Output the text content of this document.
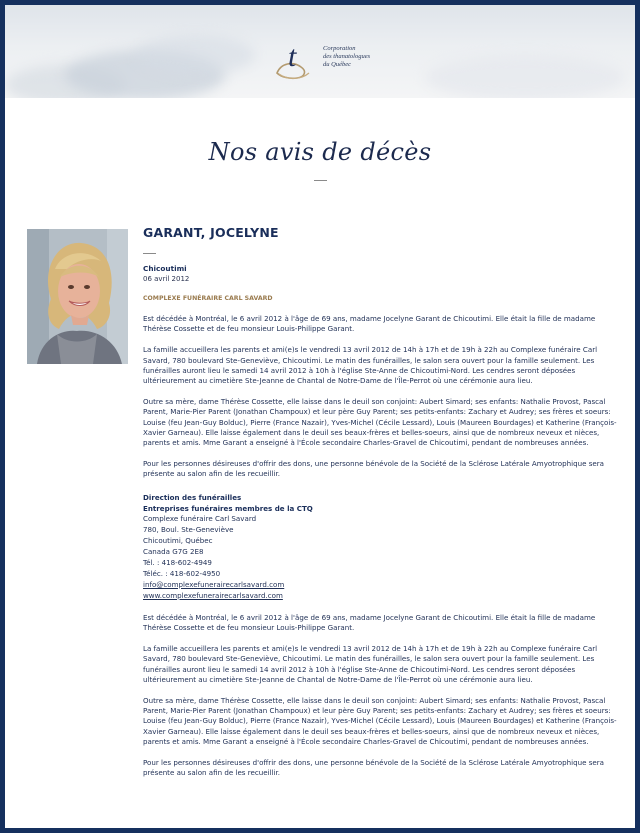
t	Corporation
des thanatologues
du Québec
Nos avis de décès
GARANT, JOCELYNE
Chicoutimi
06 avril 2012
COMPLEXE FUNÉRAIRE CARL SAVARD

Est décédée à Montréal, le 6 avril 2012 à l'âge de 69 ans, madame Jocelyne Garant de Chicoutimi. Elle était la fille de madame Thérèse Cossette et de feu monsieur Louis-Philippe Garant.

La famille accueillera les parents et ami(e)s le vendredi 13 avril 2012 de 14h à 17h et de 19h à 22h au Complexe funéraire Carl Savard, 780 boulevard Ste-Geneviève, Chicoutimi. Le matin des funérailles, le salon sera ouvert pour la famille seulement. Les funérailles auront lieu le samedi 14 avril 2012 à 10h à l'église Ste-Anne de Chicoutimi-Nord. Les cendres seront déposées ultérieurement au cimetière Ste-Jeanne de Chantal de Notre-Dame de l'Île-Perrot où une cérémonie aura lieu.

Outre sa mère, dame Thérèse Cossette, elle laisse dans le deuil son conjoint: Aubert Simard; ses enfants: Nathalie Provost, Pascal Parent, Marie-Pier Parent (Jonathan Champoux) et leur père Guy Parent; ses petits-enfants: Zachary et Audrey; ses frères et soeurs: Louise (feu Jean-Guy Bolduc), Pierre (France Nazair), Yves-Michel (Cécile Lessard), Louis (Maureen Bourdages) et Katherine (François-Xavier Garneau). Elle laisse également dans le deuil ses beaux-frères et belles-soeurs, ainsi que de nombreux neveux et nièces, parents et amis. Mme Garant a enseigné à l'École secondaire Charles-Gravel de Chicoutimi, pendant de nombreuses années.

Pour les personnes désireuses d'offrir des dons, une personne bénévole de la Société de la Sclérose Latérale Amyotrophique sera présente au salon afin de les recueillir.

Direction des funérailles
Entreprises funéraires membres de la CTQ
Complexe funéraire Carl Savard
780, Boul. Ste-Geneviève
Chicoutimi, Québec
Canada G7G 2E8
Tél. : 418-602-4949
Téléc. : 418-602-4950
info@complexefunerairecarlsavard.com
www.complexefunerairecarlsavard.com

Est décédée à Montréal, le 6 avril 2012 à l'âge de 69 ans, madame Jocelyne Garant de Chicoutimi. Elle était la fille de madame Thérèse Cossette et de feu monsieur Louis-Philippe Garant.

La famille accueillera les parents et ami(e)s le vendredi 13 avril 2012 de 14h à 17h et de 19h à 22h au Complexe funéraire Carl Savard, 780 boulevard Ste-Geneviève, Chicoutimi. Le matin des funérailles, le salon sera ouvert pour la famille seulement. Les funérailles auront lieu le samedi 14 avril 2012 à 10h à l'église Ste-Anne de Chicoutimi-Nord. Les cendres seront déposées ultérieurement au cimetière Ste-Jeanne de Chantal de Notre-Dame de l'Île-Perrot où une cérémonie aura lieu.

Outre sa mère, dame Thérèse Cossette, elle laisse dans le deuil son conjoint: Aubert Simard; ses enfants: Nathalie Provost, Pascal Parent, Marie-Pier Parent (Jonathan Champoux) et leur père Guy Parent; ses petits-enfants: Zachary et Audrey; ses frères et soeurs: Louise (feu Jean-Guy Bolduc), Pierre (France Nazair), Yves-Michel (Cécile Lessard), Louis (Maureen Bourdages) et Katherine (François-Xavier Garneau). Elle laisse également dans le deuil ses beaux-frères et belles-soeurs, ainsi que de nombreux neveux et nièces, parents et amis. Mme Garant a enseigné à l'École secondaire Charles-Gravel de Chicoutimi, pendant de nombreuses années.

Pour les personnes désireuses d'offrir des dons, une personne bénévole de la Société de la Sclérose Latérale Amyotrophique sera présente au salon afin de les recueillir.
